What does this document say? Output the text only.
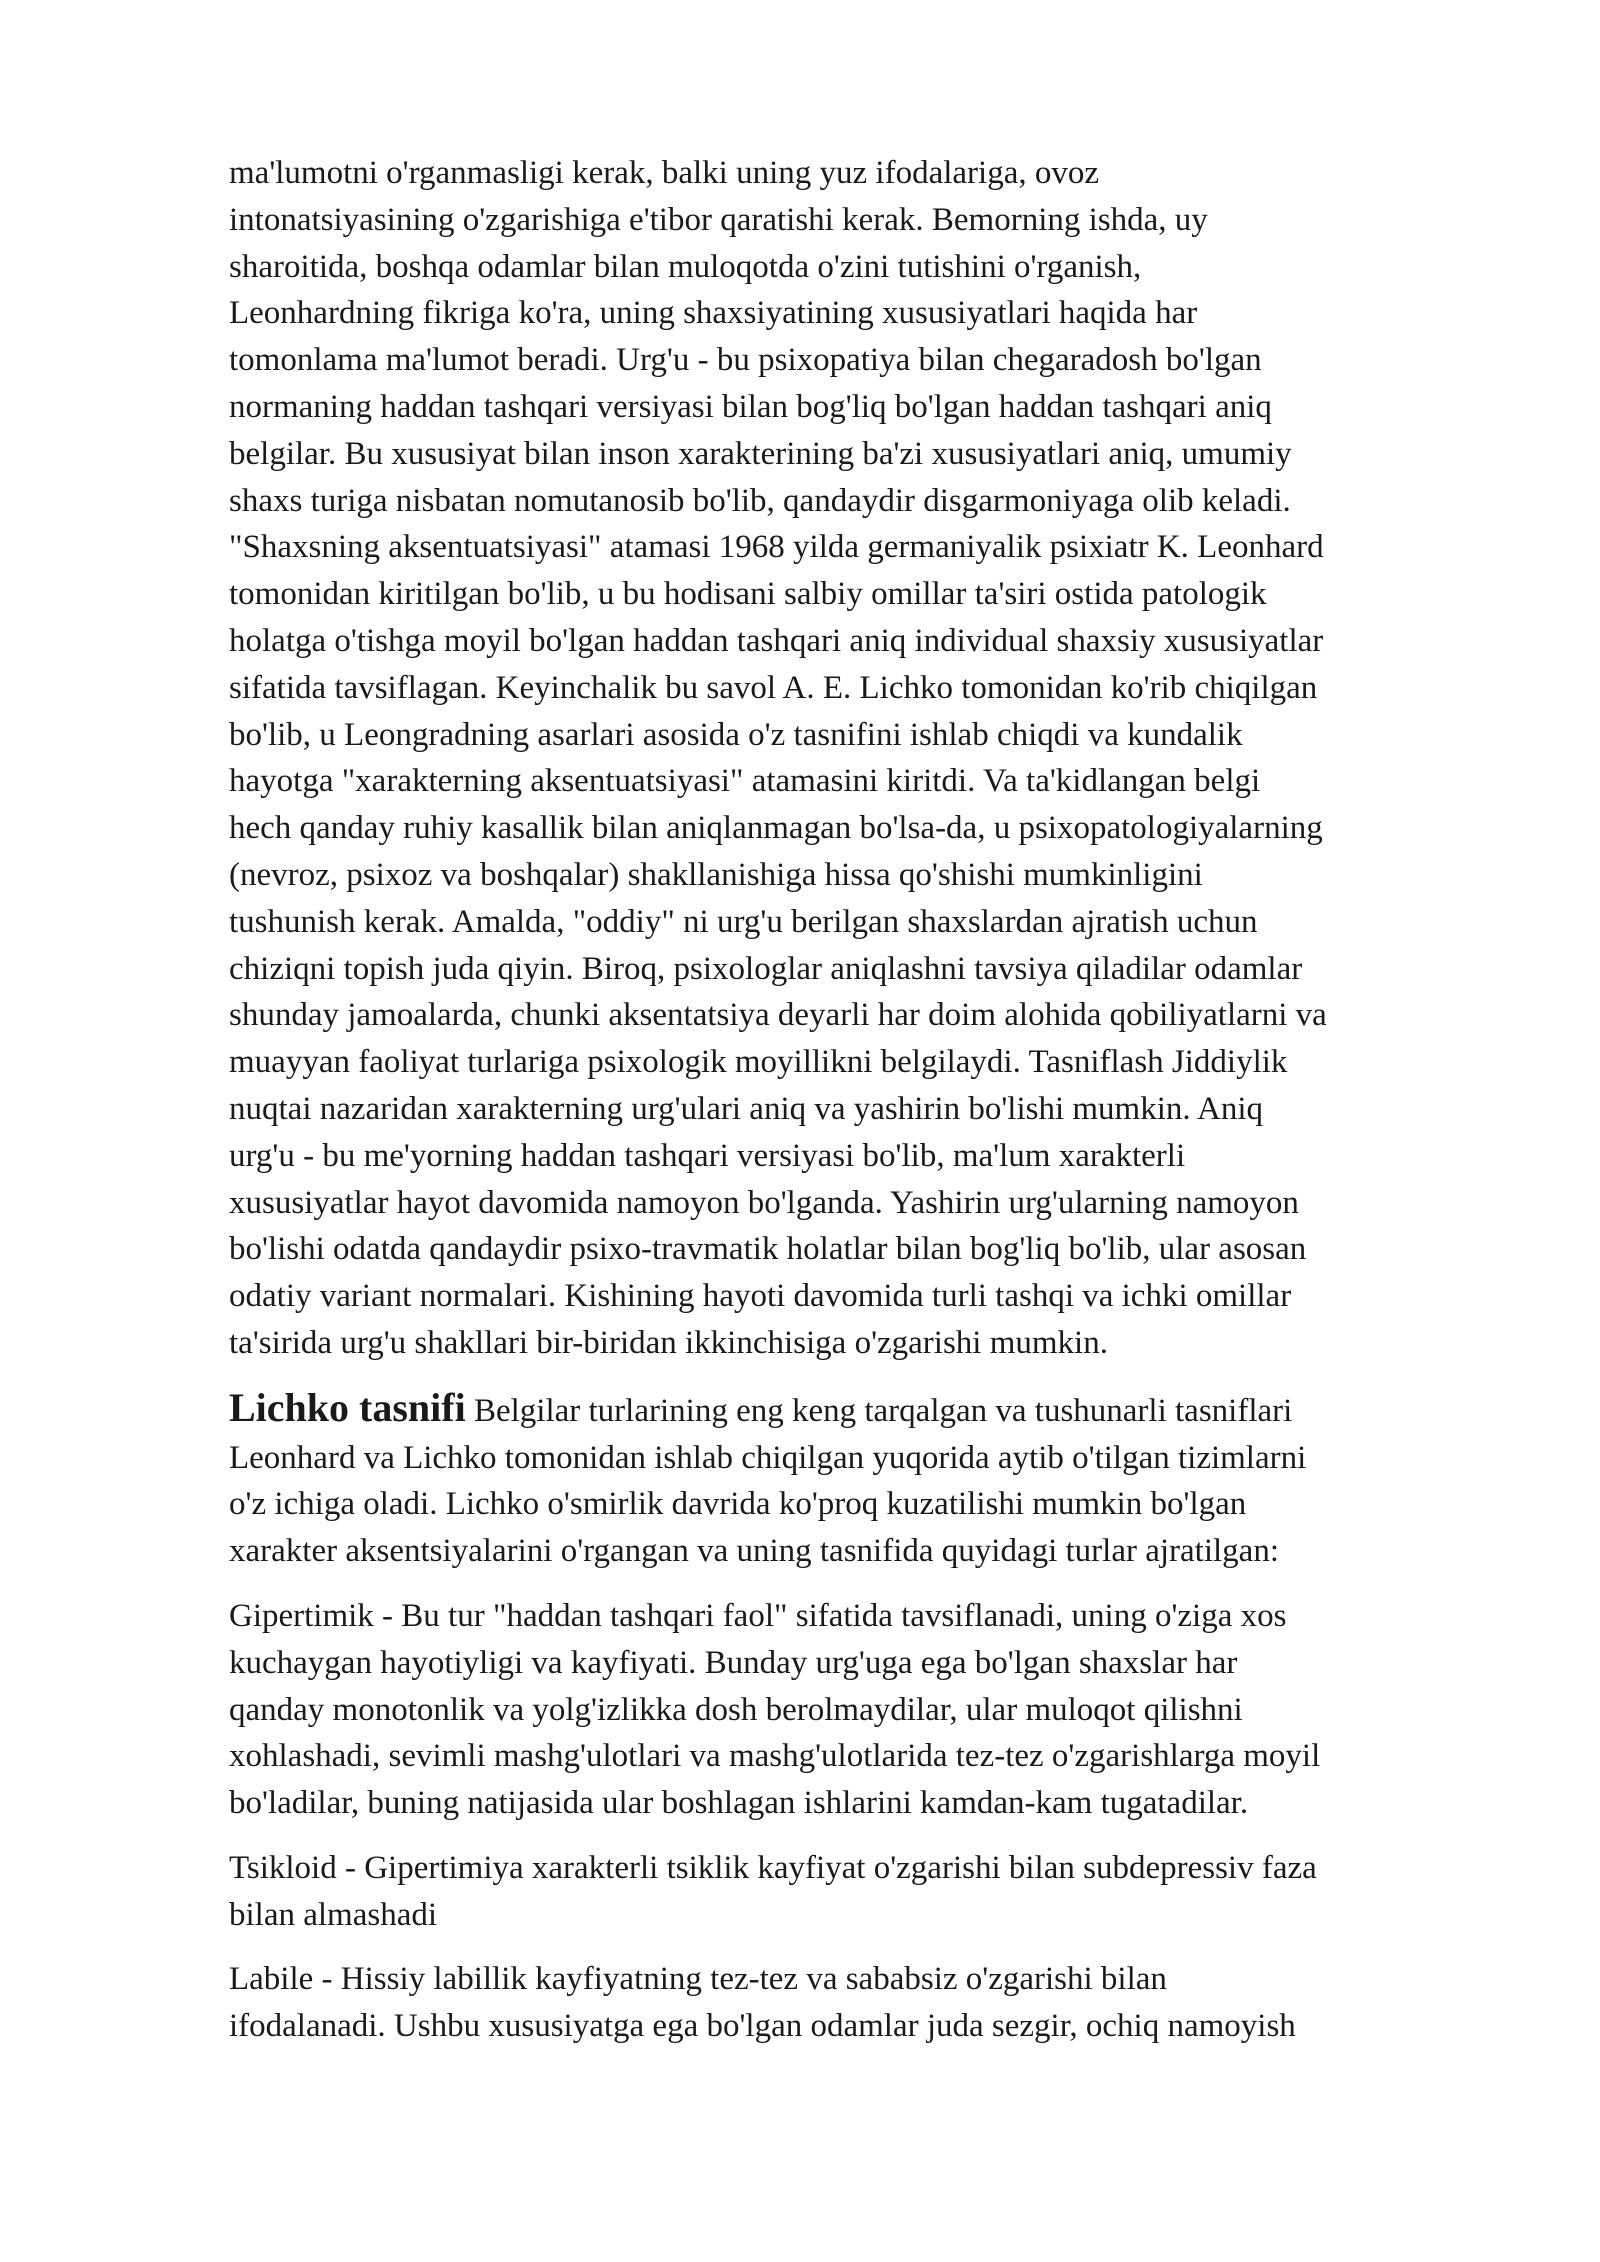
ma'lumotni o'rganmasligi kerak, balki uning yuz ifodalariga, ovoz
intonatsiyasining o'zgarishiga e'tibor qaratishi kerak. Bemorning ishda, uy
sharoitida, boshqa odamlar bilan muloqotda o'zini tutishini o'rganish,
Leonhardning fikriga ko'ra, uning shaxsiyatining xususiyatlari haqida har
tomonlama ma'lumot beradi. Urg'u - bu psixopatiya bilan chegaradosh bo'lgan
normaning haddan tashqari versiyasi bilan bog'liq bo'lgan haddan tashqari aniq
belgilar. Bu xususiyat bilan inson xarakterining ba'zi xususiyatlari aniq, umumiy
shaxs turiga nisbatan nomutanosib bo'lib, qandaydir disgarmoniyaga olib keladi.
"Shaxsning aksentuatsiyasi" atamasi 1968 yilda germaniyalik psixiatr K. Leonhard
tomonidan kiritilgan bo'lib, u bu hodisani salbiy omillar ta'siri ostida patologik
holatga o'tishga moyil bo'lgan haddan tashqari aniq individual shaxsiy xususiyatlar
sifatida tavsiflagan. Keyinchalik bu savol A. E. Lichko tomonidan ko'rib chiqilgan
bo'lib, u Leongradning asarlari asosida o'z tasnifini ishlab chiqdi va kundalik
hayotga "xarakterning aksentuatsiyasi" atamasini kiritdi. Va ta'kidlangan belgi
hech qanday ruhiy kasallik bilan aniqlanmagan bo'lsa-da, u psixopatologiyalarning
(nevroz, psixoz va boshqalar) shakllanishiga hissa qo'shishi mumkinligini
tushunish kerak. Amalda, "oddiy" ni urg'u berilgan shaxslardan ajratish uchun
chiziqni topish juda qiyin. Biroq, psixologlar aniqlashni tavsiya qiladilar odamlar
shunday jamoalarda, chunki aksentatsiya deyarli har doim alohida qobiliyatlarni va
muayyan faoliyat turlariga psixologik moyillikni belgilaydi. Tasniflash Jiddiylik
nuqtai nazaridan xarakterning urg'ulari aniq va yashirin bo'lishi mumkin. Aniq
urg'u - bu me'yorning haddan tashqari versiyasi bo'lib, ma'lum xarakterli
xususiyatlar hayot davomida namoyon bo'lganda. Yashirin urg'ularning namoyon
bo'lishi odatda qandaydir psixo-travmatik holatlar bilan bog'liq bo'lib, ular asosan
odatiy variant normalari. Kishining hayoti davomida turli tashqi va ichki omillar
ta'sirida urg'u shakllari bir-biridan ikkinchisiga o'zgarishi mumkin.
Lichko tasnifi Belgilar turlarining eng keng tarqalgan va tushunarli tasniflari
Leonhard va Lichko tomonidan ishlab chiqilgan yuqorida aytib o'tilgan tizimlarni
o'z ichiga oladi. Lichko o'smirlik davrida ko'proq kuzatilishi mumkin bo'lgan
xarakter aksentsiyalarini o'rgangan va uning tasnifida quyidagi turlar ajratilgan:
Gipertimik - Bu tur "haddan tashqari faol" sifatida tavsiflanadi, uning o'ziga xos
kuchaygan hayotiyligi va kayfiyati. Bunday urg'uga ega bo'lgan shaxslar har
qanday monotonlik va yolg'izlikka dosh berolmaydilar, ular muloqot qilishni
xohlashadi, sevimli mashg'ulotlari va mashg'ulotlarida tez-tez o'zgarishlarga moyil
bo'ladilar, buning natijasida ular boshlagan ishlarini kamdan-kam tugatadilar.
Tsikloid - Gipertimiya xarakterli tsiklik kayfiyat o'zgarishi bilan subdepressiv faza
bilan almashadi
Labile - Hissiy labillik kayfiyatning tez-tez va sababsiz o'zgarishi bilan
ifodalanadi. Ushbu xususiyatga ega bo'lgan odamlar juda sezgir, ochiq namoyish
